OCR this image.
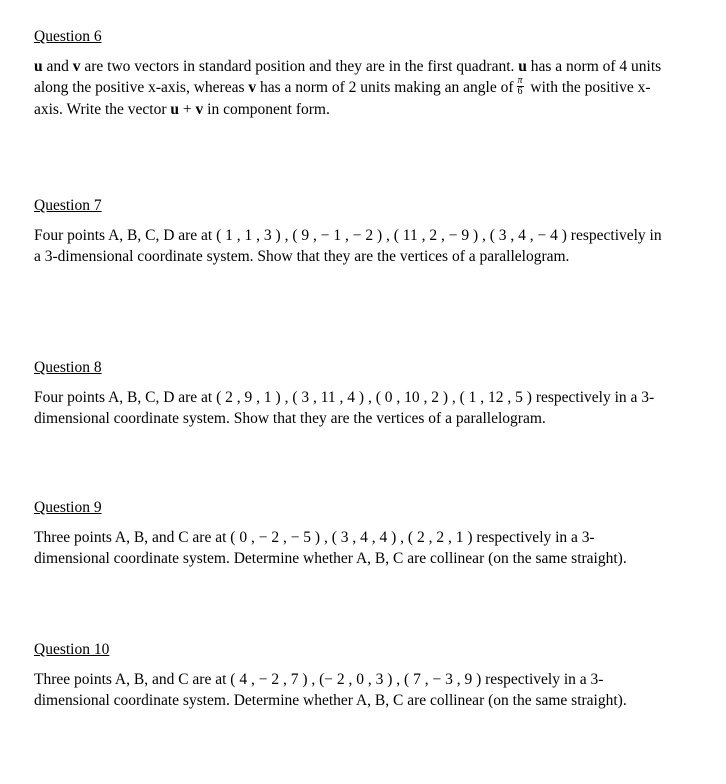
Question 6

u and v are two vectors in standard position and they are in the first quadrant. u has a norm of 4 units along the positive x-axis, whereas v has a norm of 2 units making an angle of $\frac{\pi}{6}$ with the positive x-axis. Write the vector u + v in component form.

Question 7

Four points A, B, C, D are at ( 1 , 1 , 3 ) , ( 9 , − 1 , − 2 ) , ( 11 , 2 , − 9 ) , ( 3 , 4 , − 4 ) respectively in a 3-dimensional coordinate system. Show that they are the vertices of a parallelogram.

Question 8

Four points A, B, C, D are at ( 2 , 9 , 1 ) , ( 3 , 11 , 4 ) , ( 0 , 10 , 2 ) , ( 1 , 12 , 5 ) respectively in a 3-dimensional coordinate system. Show that they are the vertices of a parallelogram.

Question 9

Three points A, B, and C are at ( 0 , − 2 , − 5 ) , ( 3 , 4 , 4 ) , ( 2 , 2 , 1 ) respectively in a 3-dimensional coordinate system. Determine whether A, B, C are collinear (on the same straight).

Question 10

Three points A, B, and C are at ( 4 , − 2 , 7 ) , (− 2 , 0 , 3 ) , ( 7 , − 3 , 9 ) respectively in a 3-dimensional coordinate system. Determine whether A, B, C are collinear (on the same straight).
